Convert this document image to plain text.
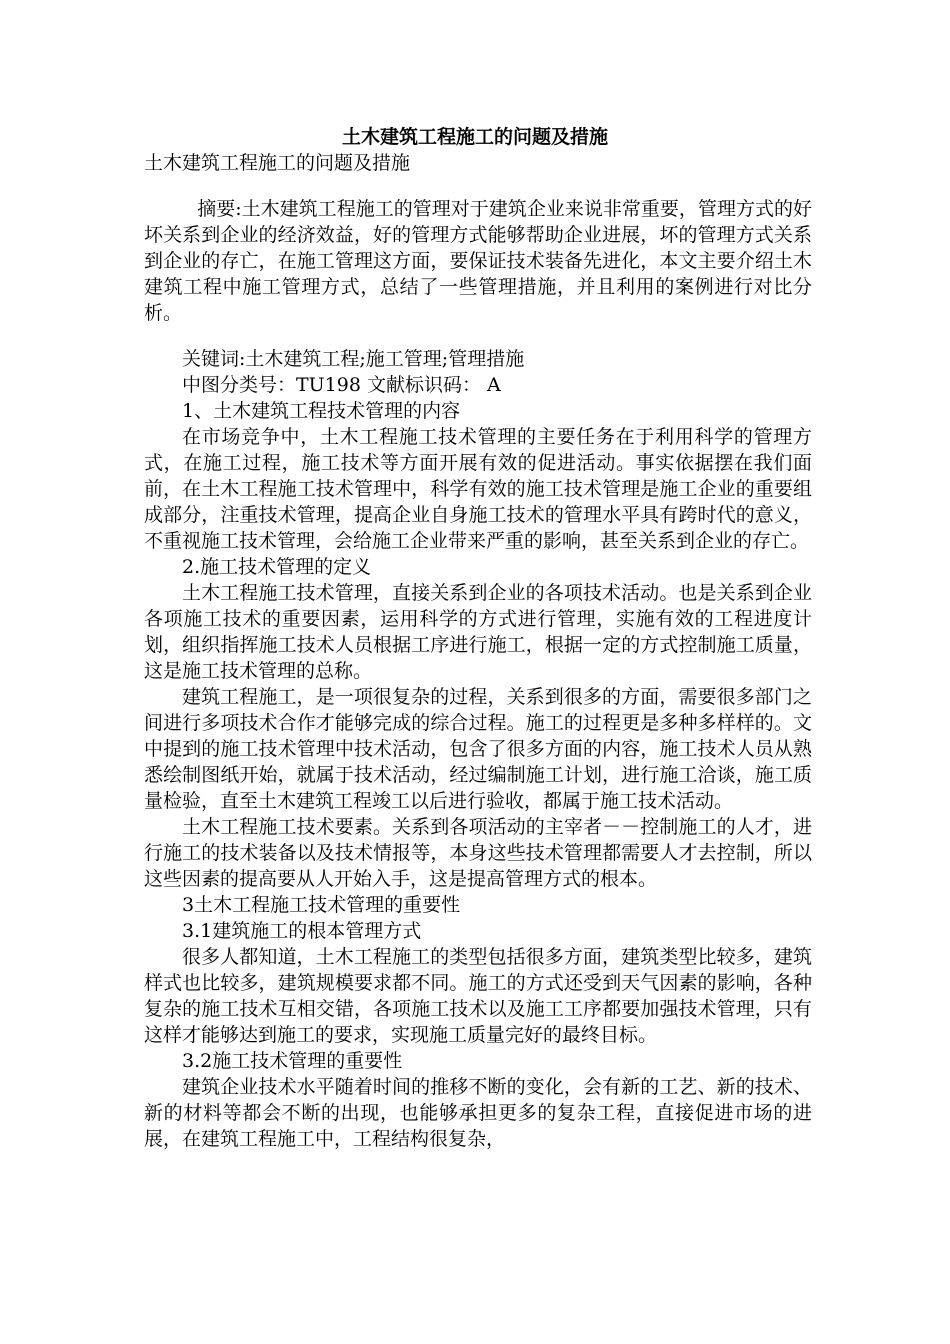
土木建筑工程施工的问题及措施

土木建筑工程施工的问题及措施

摘要:土木建筑工程施工的管理对于建筑企业来说非常重要，管理方式的好坏关系到企业的经济效益，好的管理方式能够帮助企业进展，坏的管理方式关系到企业的存亡，在施工管理这方面，要保证技术装备先进化，本文主要介绍土木建筑工程中施工管理方式，总结了一些管理措施，并且利用的案例进行对比分析。

关键词:土木建筑工程;施工管理;管理措施

中图分类号：TU198 文献标识码： A

1、土木建筑工程技术管理的内容

在市场竞争中，土木工程施工技术管理的主要任务在于利用科学的管理方式，在施工过程，施工技术等方面开展有效的促进活动。事实依据摆在我们面前，在土木工程施工技术管理中，科学有效的施工技术管理是施工企业的重要组成部分，注重技术管理，提高企业自身施工技术的管理水平具有跨时代的意义，不重视施工技术管理，会给施工企业带来严重的影响，甚至关系到企业的存亡。

2.施工技术管理的定义

土木工程施工技术管理，直接关系到企业的各项技术活动。也是关系到企业各项施工技术的重要因素，运用科学的方式进行管理，实施有效的工程进度计划，组织指挥施工技术人员根据工序进行施工，根据一定的方式控制施工质量，这是施工技术管理的总称。

建筑工程施工，是一项很复杂的过程，关系到很多的方面，需要很多部门之间进行多项技术合作才能够完成的综合过程。施工的过程更是多种多样样的。文中提到的施工技术管理中技术活动，包含了很多方面的内容，施工技术人员从熟悉绘制图纸开始，就属于技术活动，经过编制施工计划，进行施工洽谈，施工质量检验，直至土木建筑工程竣工以后进行验收，都属于施工技术活动。

土木工程施工技术要素。关系到各项活动的主宰者－－控制施工的人才，进行施工的技术装备以及技术情报等，本身这些技术管理都需要人才去控制，所以这些因素的提高要从人开始入手，这是提高管理方式的根本。

3土木工程施工技术管理的重要性

3.1建筑施工的根本管理方式

很多人都知道，土木工程施工的类型包括很多方面，建筑类型比较多，建筑样式也比较多，建筑规模要求都不同。施工的方式还受到天气因素的影响，各种复杂的施工技术互相交错，各项施工技术以及施工工序都要加强技术管理，只有这样才能够达到施工的要求，实现施工质量完好的最终目标。

3.2施工技术管理的重要性

建筑企业技术水平随着时间的推移不断的变化，会有新的工艺、新的技术、新的材料等都会不断的出现，也能够承担更多的复杂工程，直接促进市场的进展，在建筑工程施工中，工程结构很复杂，
